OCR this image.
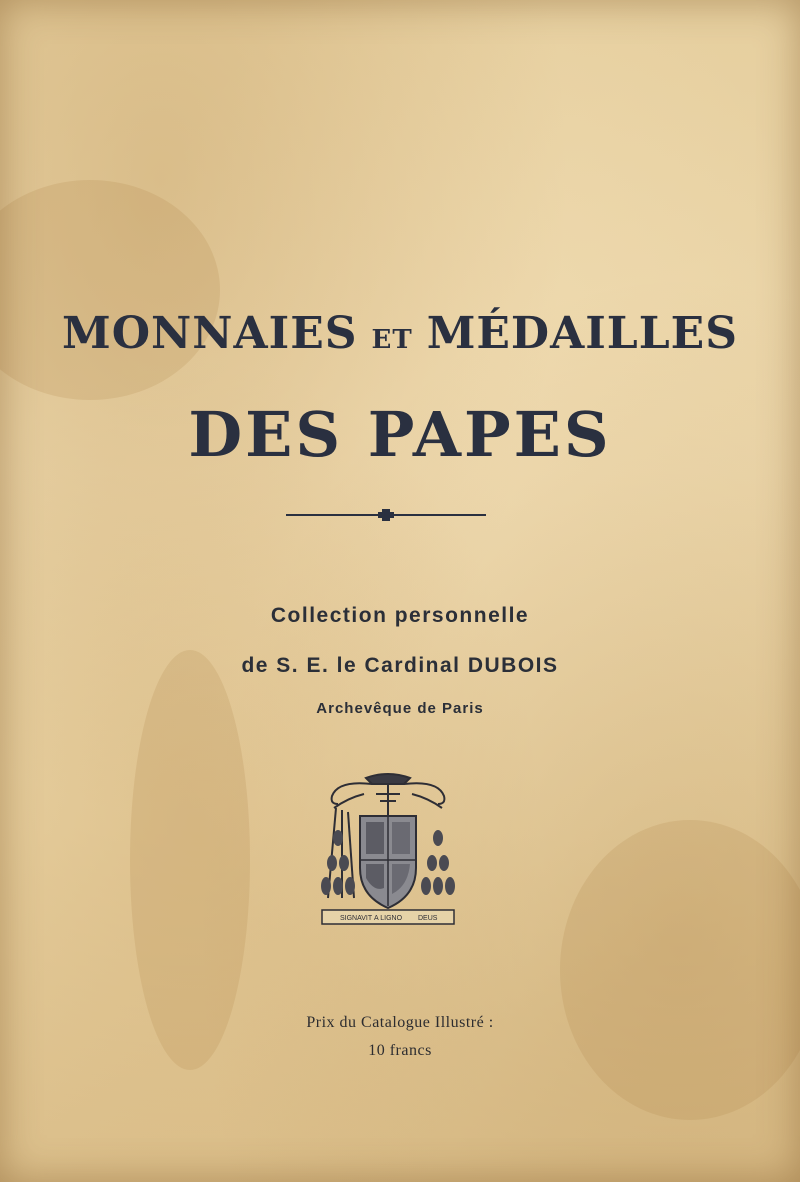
MONNAIES ET MÉDAILLES
DES PAPES
Collection personnelle
de S. E. le Cardinal DUBOIS
Archevêque de Paris
SIGNAVIT A LIGNO DEUS
Prix du Catalogue Illustré :
10 francs
